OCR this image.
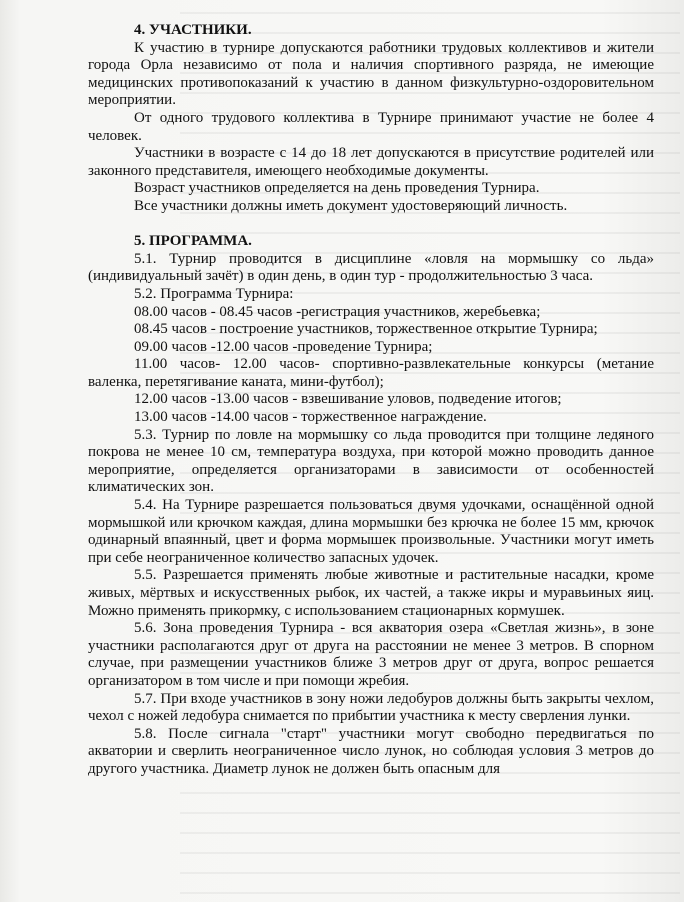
4. УЧАСТНИКИ.

К участию в турнире допускаются работники трудовых коллективов и жители города Орла независимо от пола и наличия спортивного разряда, не имеющие медицинских противопоказаний к участию в данном физкультурно-оздоровительном мероприятии.

От одного трудового коллектива в Турнире принимают участие не более 4 человек.

Участники в возрасте с 14 до 18 лет допускаются в присутствие родителей или законного представителя, имеющего необходимые документы.

Возраст участников определяется на день проведения Турнира.

Все участники должны иметь документ удостоверяющий личность.

5. ПРОГРАММА.

5.1. Турнир проводится в дисциплине «ловля на мормышку со льда» (индивидуальный зачёт) в один день, в один тур - продолжительностью 3 часа.

5.2. Программа Турнира:

08.00 часов - 08.45 часов -регистрация участников, жеребьевка;

08.45 часов - построение участников, торжественное открытие Турнира;

09.00 часов -12.00 часов -проведение Турнира;

11.00 часов- 12.00 часов- спортивно-развлекательные конкурсы (метание валенка, перетягивание каната, мини-футбол);

12.00 часов -13.00 часов - взвешивание уловов, подведение итогов;

13.00 часов -14.00 часов - торжественное награждение.

5.3. Турнир по ловле на мормышку со льда проводится при толщине ледяного покрова не менее 10 см, температура воздуха, при которой можно проводить данное мероприятие, определяется организаторами в зависимости от особенностей климатических зон.

5.4. На Турнире разрешается пользоваться двумя удочками, оснащённой одной мормышкой или крючком каждая, длина мормышки без крючка не более 15 мм, крючок одинарный впаянный, цвет и форма мормышек произвольные. Участники могут иметь при себе неограниченное количество запасных удочек.

5.5. Разрешается применять любые животные и растительные насадки, кроме живых, мёртвых и искусственных рыбок, их частей, а также икры и муравьиных яиц. Можно применять прикормку, с использованием стационарных кормушек.

5.6. Зона проведения Турнира - вся акватория озера «Светлая жизнь», в зоне участники располагаются друг от друга на расстоянии не менее 3 метров. В спорном случае, при размещении участников ближе 3 метров друг от друга, вопрос решается организатором в том числе и при помощи жребия.

5.7. При входе участников в зону ножи ледобуров должны быть закрыты чехлом, чехол с ножей ледобура снимается по прибытии участника к месту сверления лунки.

5.8. После сигнала "старт" участники могут свободно передвигаться по акватории и сверлить неограниченное число лунок, но соблюдая условия 3 метров до другого участника. Диаметр лунок не должен быть опасным для
